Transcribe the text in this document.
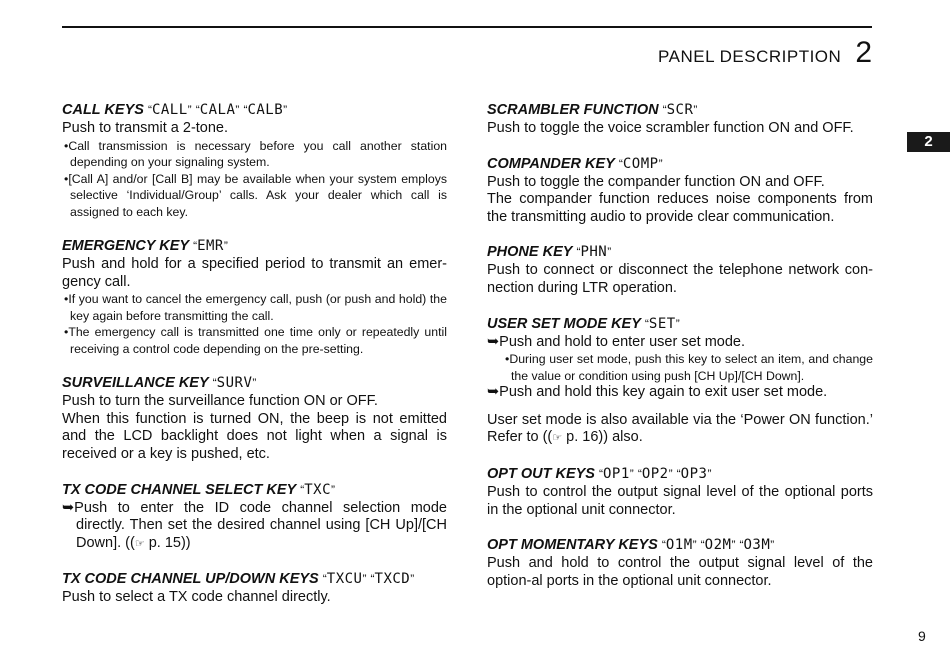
PANEL DESCRIPTION 2
2
CALL KEYS “CALL” “CALA” “CALB”
Push to transmit a 2-tone.
•Call transmission is necessary before you call another station depending on your signaling system.
•[Call A] and/or [Call B] may be available when your system employs selective ‘Individual/Group’ calls. Ask your dealer which call is assigned to each key.
EMERGENCY KEY “EMR”
Push and hold for a specified period to transmit an emer-gency call.
•If you want to cancel the emergency call, push (or push and hold) the key again before transmitting the call.
•The emergency call is transmitted one time only or repeatedly until receiving a control code depending on the pre-setting.
SURVEILLANCE KEY “SURV”
Push to turn the surveillance function ON or OFF.
When this function is turned ON, the beep is not emitted and the LCD backlight does not light when a signal is received or a key is pushed, etc.
TX CODE CHANNEL SELECT KEY “TXC”
➥Push to enter the ID code channel selection mode directly. Then set the desired channel using [CH Up]/[CH Down]. ((☞ p. 15))
TX CODE CHANNEL UP/DOWN KEYS “TXCU” “TXCD”
Push to select a TX code channel directly.
SCRAMBLER FUNCTION “SCR”
Push to toggle the voice scrambler function ON and OFF.
COMPANDER KEY “COMP”
Push to toggle the compander function ON and OFF.
The compander function reduces noise components from the transmitting audio to provide clear communication.
PHONE KEY “PHN”
Push to connect or disconnect the telephone network con-nection during LTR operation.
USER SET MODE KEY “SET”
➥Push and hold to enter user set mode.
•During user set mode, push this key to select an item, and change the value or condition using push [CH Up]/[CH Down].
➥Push and hold this key again to exit user set mode.
User set mode is also available via the ‘Power ON function.’ Refer to ((☞ p. 16)) also.
OPT OUT KEYS “OP1” “OP2” “OP3”
Push to control the output signal level of the optional ports in the optional unit connector.
OPT MOMENTARY KEYS “O1M” “O2M” “O3M”
Push and hold to control the output signal level of the option-al ports in the optional unit connector.
9
